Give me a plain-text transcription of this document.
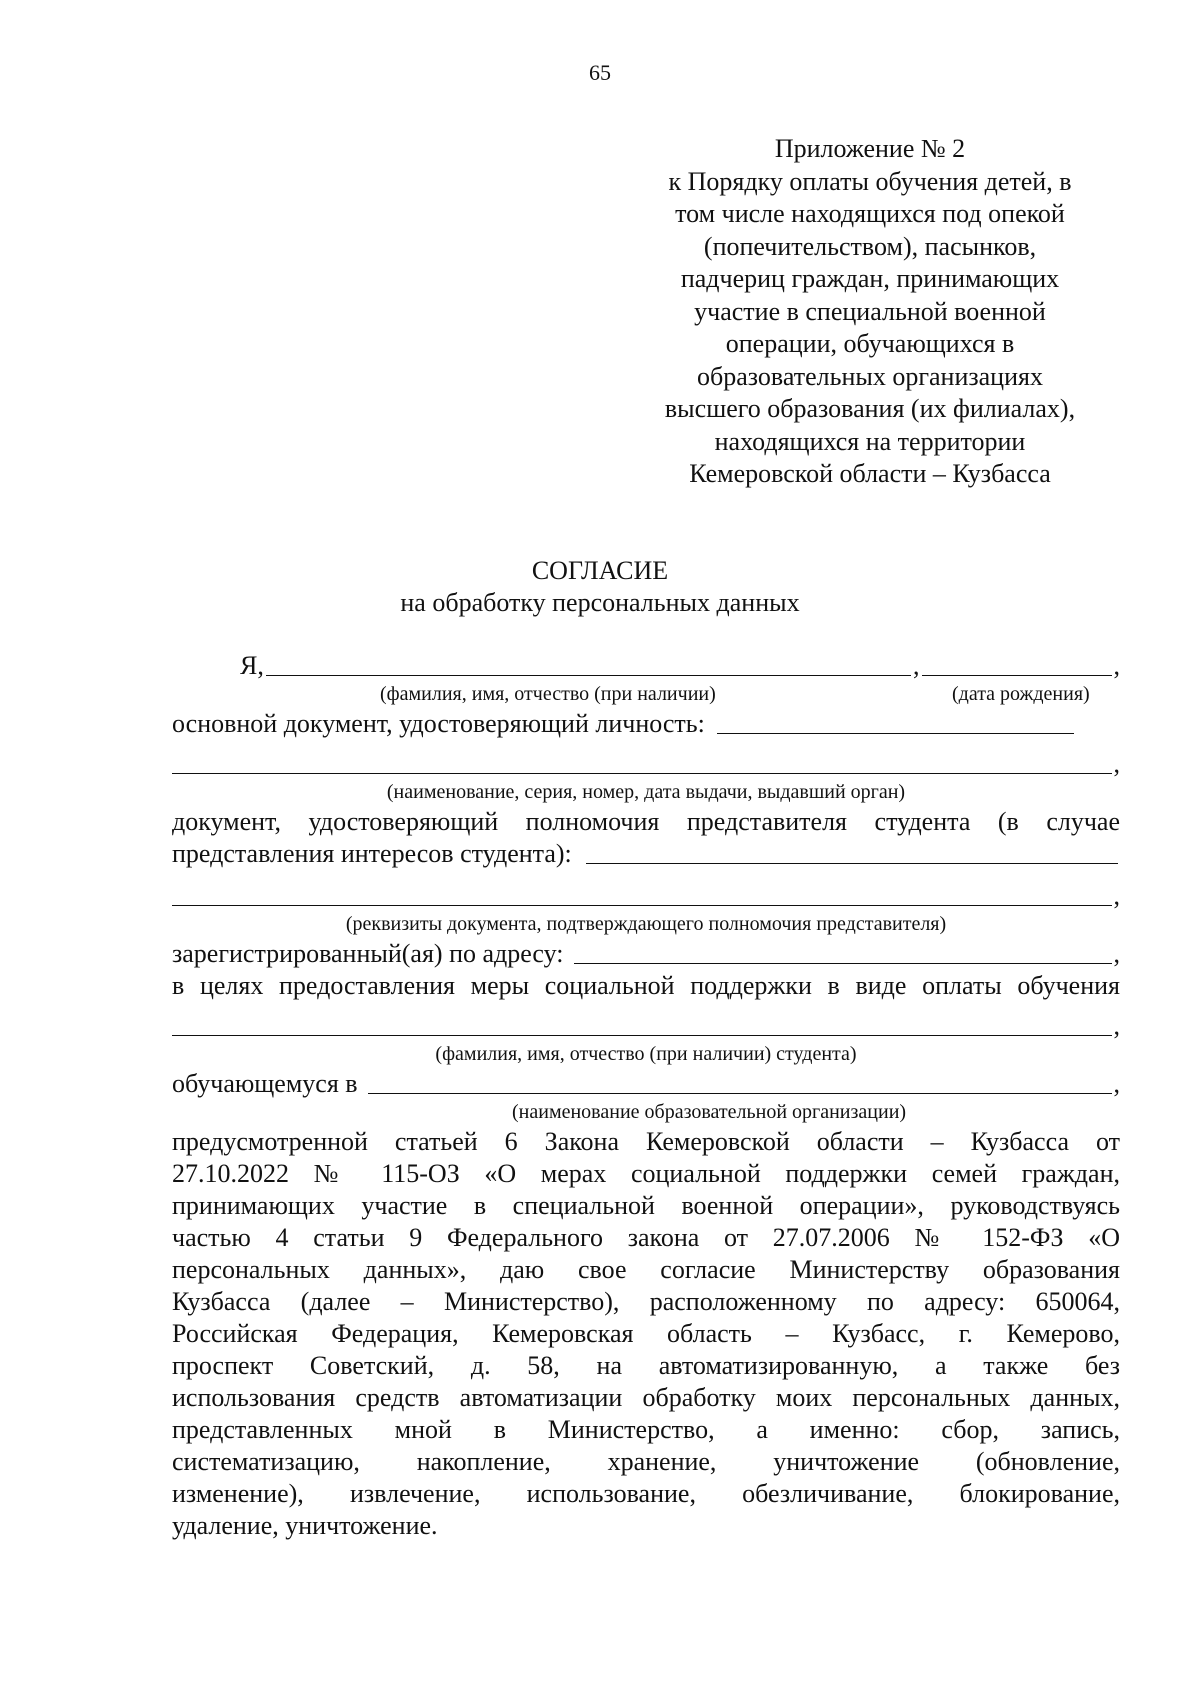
65
Приложение № 2
к Порядку оплаты обучения детей, в
том числе находящихся под опекой
(попечительством), пасынков,
падчериц граждан, принимающих
участие в специальной военной
операции, обучающихся в
образовательных организациях
высшего образования (их филиалах),
находящихся на территории
Кемеровской области – Кузбасса
СОГЛАСИЕ
на обработку персональных данных
Я,	,	,
(фамилия, имя, отчество (при наличии)	(дата рождения)
основной документ, удостоверяющий личность:
,
(наименование, серия, номер, дата выдачи, выдавший орган)
документ, удостоверяющий полномочия представителя студента (в случае
представления интересов студента):
,
(реквизиты документа, подтверждающего полномочия представителя)
зарегистрированный(ая) по адресу:	,
в целях предоставления меры социальной поддержки в виде оплаты обучения
,
(фамилия, имя, отчество (при наличии) студента)
обучающемуся в	,
(наименование образовательной организации)
предусмотренной статьей 6 Закона Кемеровской области – Кузбасса от
27.10.2022 № 115-ОЗ «О мерах социальной поддержки семей граждан,
принимающих участие в специальной военной операции», руководствуясь
частью 4 статьи 9 Федерального закона от 27.07.2006 № 152-ФЗ «О
персональных данных», даю свое согласие Министерству образования
Кузбасса (далее – Министерство), расположенному по адресу: 650064,
Российская Федерация, Кемеровская область – Кузбасс, г. Кемерово,
проспект Советский, д. 58, на автоматизированную, а также без
использования средств автоматизации обработку моих персональных данных,
представленных мной в Министерство, а именно: сбор, запись,
систематизацию, накопление, хранение, уничтожение (обновление,
изменение), извлечение, использование, обезличивание, блокирование,
удаление, уничтожение.
